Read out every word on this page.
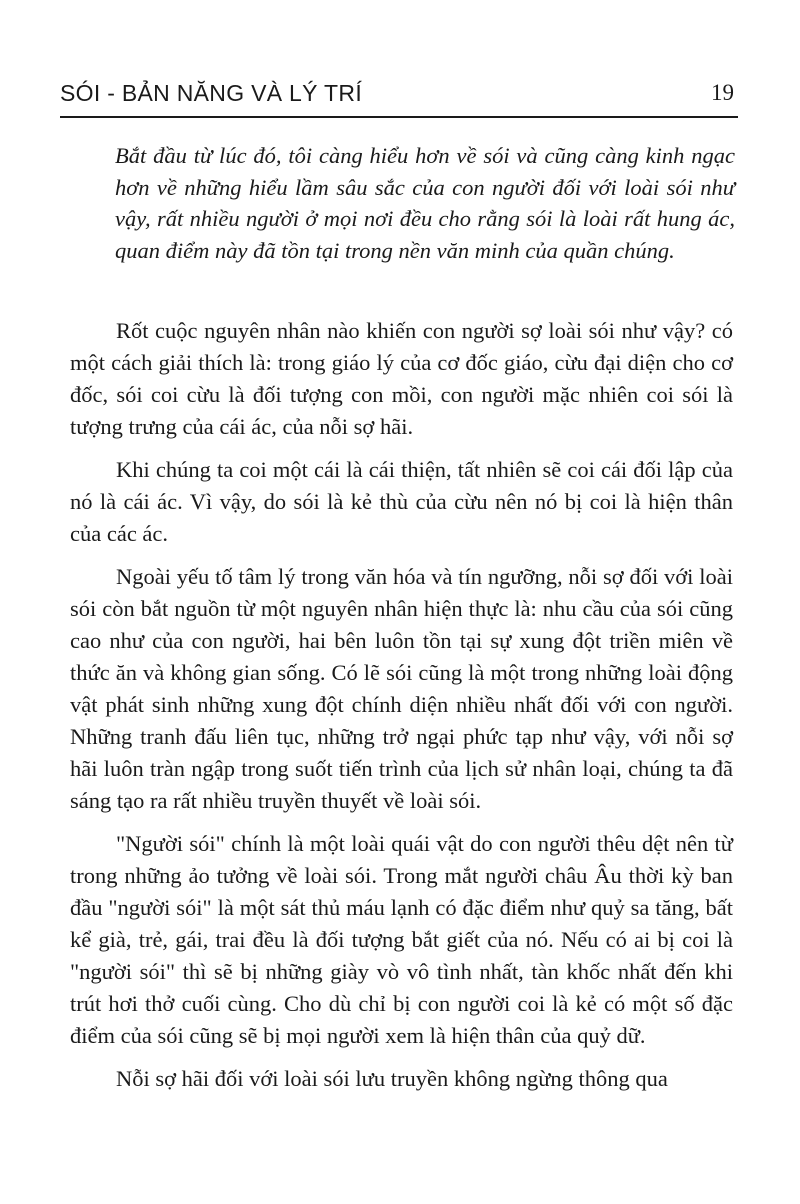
SÓI - BẢN NĂNG VÀ LÝ TRÍ	19

Bắt đầu từ lúc đó, tôi càng hiểu hơn về sói và cũng càng kinh ngạc hơn về những hiểu lầm sâu sắc của con người đối với loài sói như vậy, rất nhiều người ở mọi nơi đều cho rằng sói là loài rất hung ác, quan điểm này đã tồn tại trong nền văn minh của quần chúng.

Rốt cuộc nguyên nhân nào khiến con người sợ loài sói như vậy? có một cách giải thích là: trong giáo lý của cơ đốc giáo, cừu đại diện cho cơ đốc, sói coi cừu là đối tượng con mồi, con người mặc nhiên coi sói là tượng trưng của cái ác, của nỗi sợ hãi.

Khi chúng ta coi một cái là cái thiện, tất nhiên sẽ coi cái đối lập của nó là cái ác. Vì vậy, do sói là kẻ thù của cừu nên nó bị coi là hiện thân của các ác.

Ngoài yếu tố tâm lý trong văn hóa và tín ngưỡng, nỗi sợ đối với loài sói còn bắt nguồn từ một nguyên nhân hiện thực là: nhu cầu của sói cũng cao như của con người, hai bên luôn tồn tại sự xung đột triền miên về thức ăn và không gian sống. Có lẽ sói cũng là một trong những loài động vật phát sinh những xung đột chính diện nhiều nhất đối với con người. Những tranh đấu liên tục, những trở ngại phức tạp như vậy, với nỗi sợ hãi luôn tràn ngập trong suốt tiến trình của lịch sử nhân loại, chúng ta đã sáng tạo ra rất nhiều truyền thuyết về loài sói.

"Người sói" chính là một loài quái vật do con người thêu dệt nên từ trong những ảo tưởng về loài sói. Trong mắt người châu Âu thời kỳ ban đầu "người sói" là một sát thủ máu lạnh có đặc điểm như quỷ sa tăng, bất kể già, trẻ, gái, trai đều là đối tượng bắt giết của nó. Nếu có ai bị coi là "người sói" thì sẽ bị những giày vò vô tình nhất, tàn khốc nhất đến khi trút hơi thở cuối cùng. Cho dù chỉ bị con người coi là kẻ có một số đặc điểm của sói cũng sẽ bị mọi người xem là hiện thân của quỷ dữ.

Nỗi sợ hãi đối với loài sói lưu truyền không ngừng thông qua
